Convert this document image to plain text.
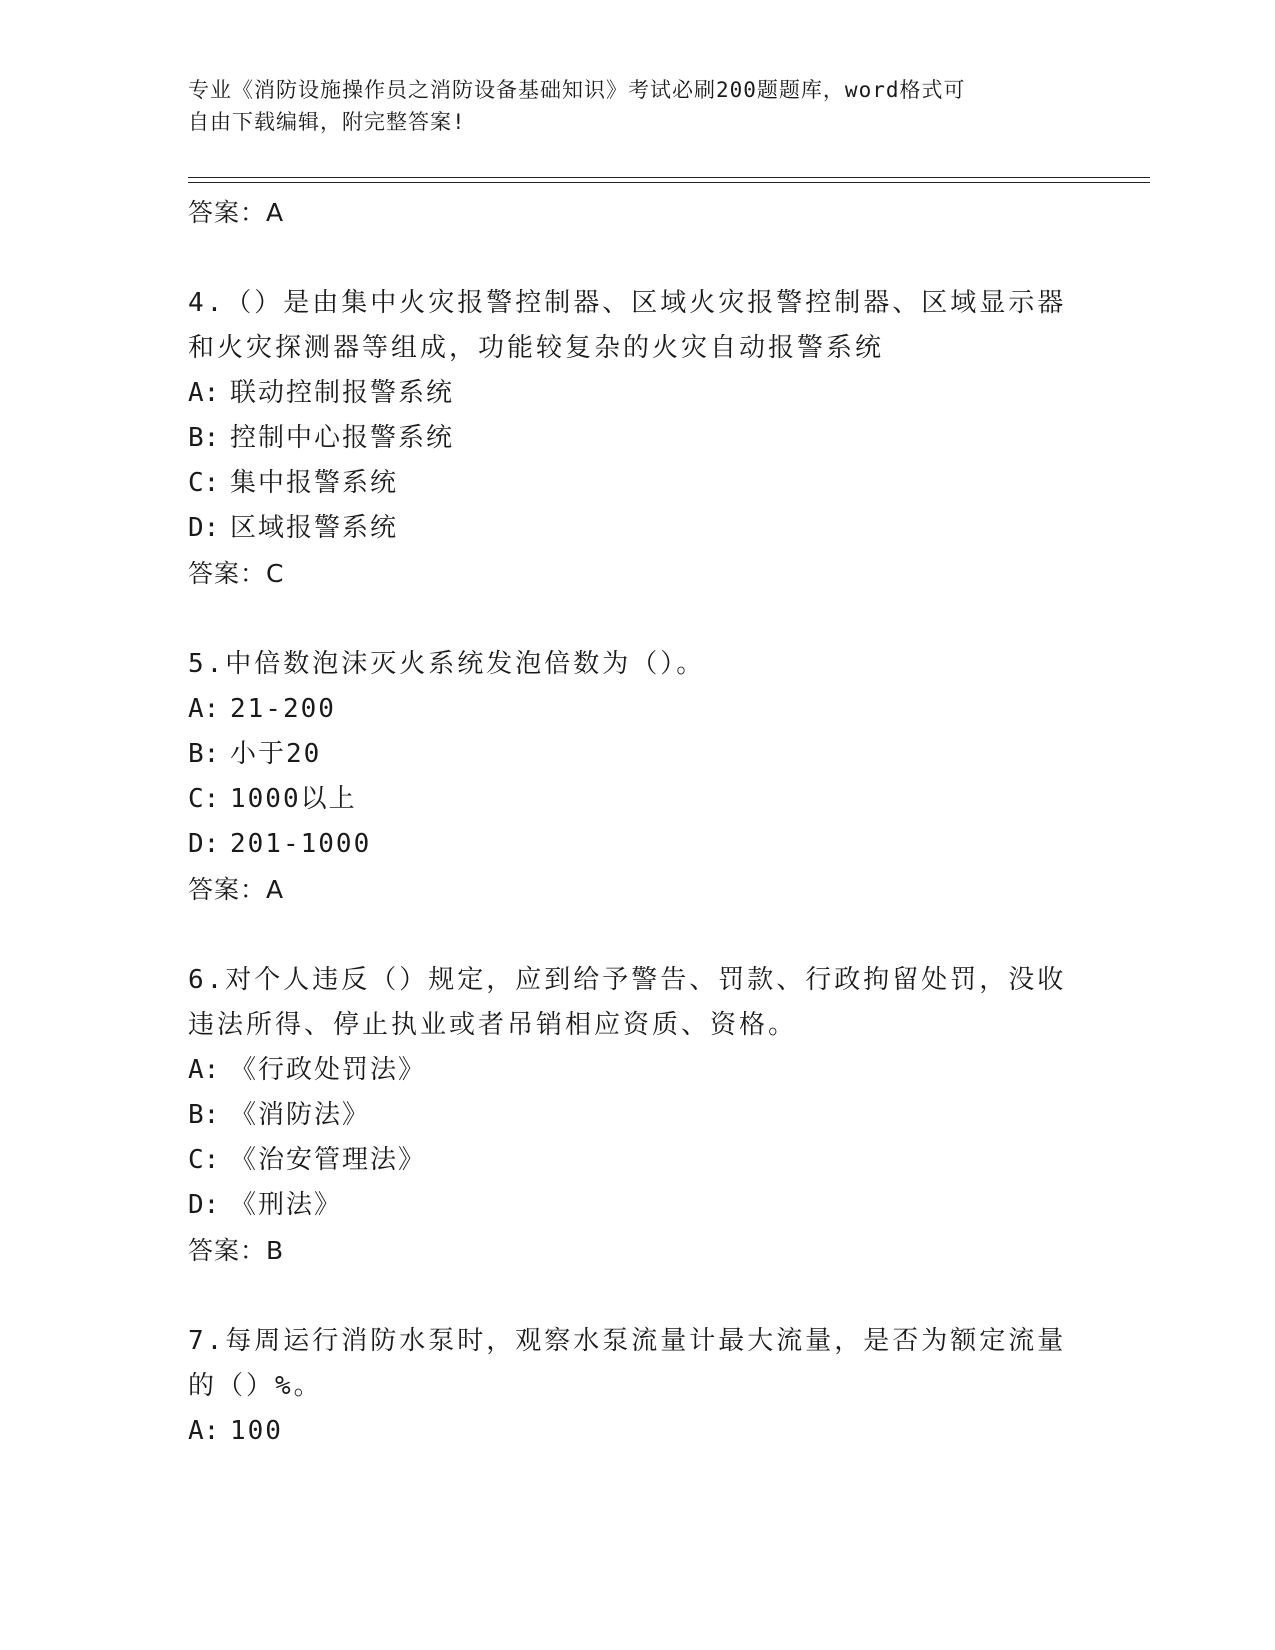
专业《消防设施操作员之消防设备基础知识》考试必刷200题题库，word格式可
自由下载编辑，附完整答案!
答案：A
4.（）是由集中火灾报警控制器、区域火灾报警控制器、区域显示器
和火灾探测器等组成，功能较复杂的火灾自动报警系统
A: 联动控制报警系统
B: 控制中心报警系统
C: 集中报警系统
D: 区域报警系统
答案：C
5.中倍数泡沫灭火系统发泡倍数为（）。
A: 21-200
B: 小于20
C: 1000以上
D: 201-1000
答案：A
6.对个人违反（）规定，应到给予警告、罚款、行政拘留处罚，没收
违法所得、停止执业或者吊销相应资质、资格。
A: 《行政处罚法》
B: 《消防法》
C: 《治安管理法》
D: 《刑法》
答案：B
7.每周运行消防水泵时，观察水泵流量计最大流量，是否为额定流量
的（）%。
A: 100
